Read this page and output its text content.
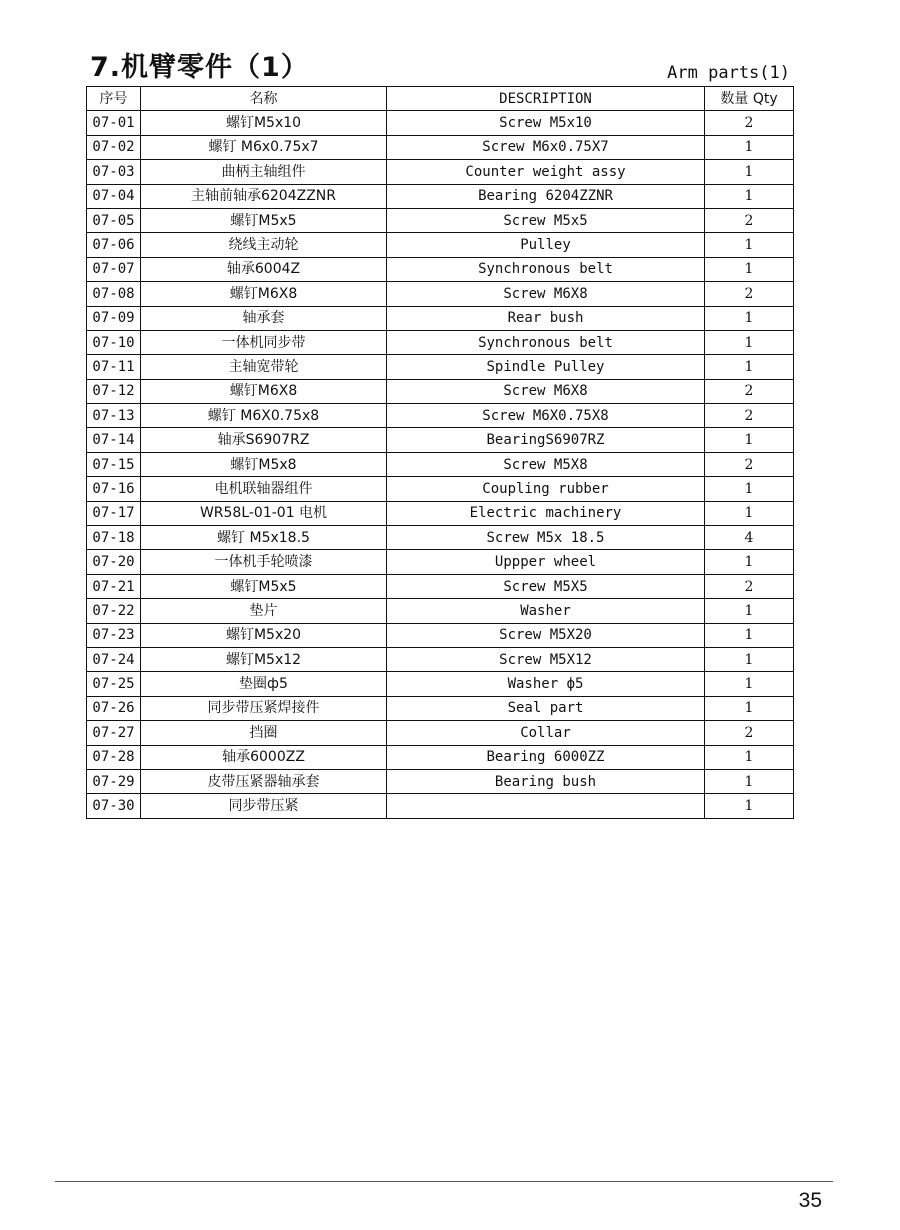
7.机臂零件（1）	Arm parts(1)
序号	名称	DESCRIPTION	数量 Qty
07-01	螺钉M5x10	Screw M5x10	2
07-02	螺钉 M6x0.75x7	Screw M6x0.75X7	1
07-03	曲柄主轴组件	Counter weight assy	1
07-04	主轴前轴承6204ZZNR	Bearing 6204ZZNR	1
07-05	螺钉M5x5	Screw M5x5	2
07-06	绕线主动轮	Pulley	1
07-07	轴承6004Z	Synchronous belt	1
07-08	螺钉M6X8	Screw M6X8	2
07-09	轴承套	Rear bush	1
07-10	一体机同步带	Synchronous belt	1
07-11	主轴宽带轮	Spindle Pulley	1
07-12	螺钉M6X8	Screw M6X8	2
07-13	螺钉 M6X0.75x8	Screw M6X0.75X8	2
07-14	轴承S6907RZ	BearingS6907RZ	1
07-15	螺钉M5x8	Screw M5X8	2
07-16	电机联轴器组件	Coupling rubber	1
07-17	WR58L-01-01 电机	Electric machinery	1
07-18	螺钉 M5x18.5	Screw M5x 18.5	4
07-20	一体机手轮喷漆	Uppper wheel	1
07-21	螺钉M5x5	Screw M5X5	2
07-22	垫片	Washer	1
07-23	螺钉M5x20	Screw M5X20	1
07-24	螺钉M5x12	Screw M5X12	1
07-25	垫圈ф5	Washer ф5	1
07-26	同步带压紧焊接件	Seal part	1
07-27	挡圈	Collar	2
07-28	轴承6000ZZ	Bearing 6000ZZ	1
07-29	皮带压紧器轴承套	Bearing bush	1
07-30	同步带压紧		1
35
